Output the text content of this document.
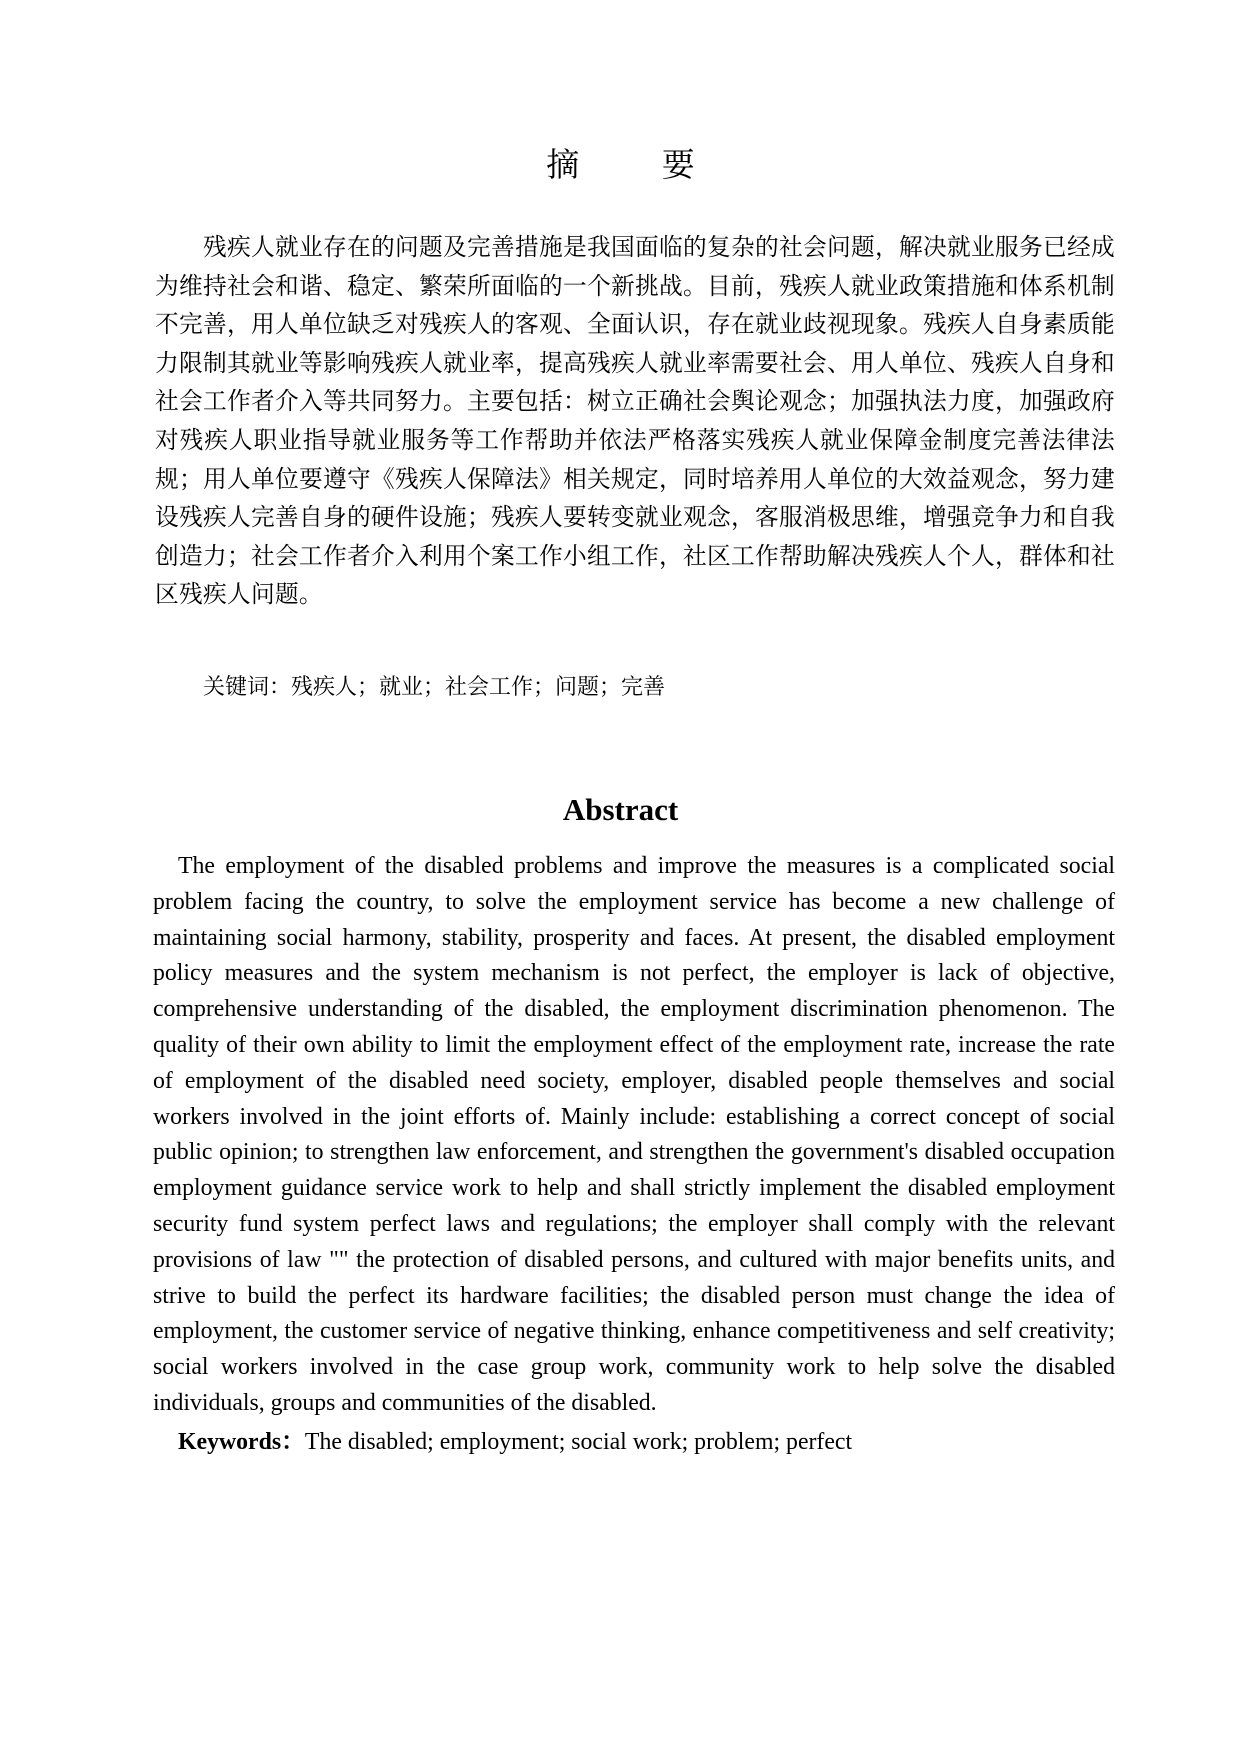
摘 要

残疾人就业存在的问题及完善措施是我国面临的复杂的社会问题，解决就业服务已经成为维持社会和谐、稳定、繁荣所面临的一个新挑战。目前，残疾人就业政策措施和体系机制不完善，用人单位缺乏对残疾人的客观、全面认识，存在就业歧视现象。残疾人自身素质能力限制其就业等影响残疾人就业率，提高残疾人就业率需要社会、用人单位、残疾人自身和社会工作者介入等共同努力。主要包括：树立正确社会舆论观念；加强执法力度，加强政府对残疾人职业指导就业服务等工作帮助并依法严格落实残疾人就业保障金制度完善法律法规；用人单位要遵守《残疾人保障法》相关规定，同时培养用人单位的大效益观念，努力建设残疾人完善自身的硬件设施；残疾人要转变就业观念，客服消极思维，增强竞争力和自我创造力；社会工作者介入利用个案工作小组工作，社区工作帮助解决残疾人个人，群体和社区残疾人问题。

关键词：残疾人；就业；社会工作；问题；完善
Abstract

The employment of the disabled problems and improve the measures is a complicated social problem facing the country, to solve the employment service has become a new challenge of maintaining social harmony, stability, prosperity and faces. At present, the disabled employment policy measures and the system mechanism is not perfect, the employer is lack of objective, comprehensive understanding of the disabled, the employment discrimination phenomenon. The quality of their own ability to limit the employment effect of the employment rate, increase the rate of employment of the disabled need society, employer, disabled people themselves and social workers involved in the joint efforts of. Mainly include: establishing a correct concept of social public opinion; to strengthen law enforcement, and strengthen the government's disabled occupation employment guidance service work to help and shall strictly implement the disabled employment security fund system perfect laws and regulations; the employer shall comply with the relevant provisions of law "" the protection of disabled persons, and cultured with major benefits units, and strive to build the perfect its hardware facilities; the disabled person must change the idea of employment, the customer service of negative thinking, enhance competitiveness and self creativity; social workers involved in the case group work, community work to help solve the disabled individuals, groups and communities of the disabled.

Keywords：The disabled; employment; social work; problem; perfect
